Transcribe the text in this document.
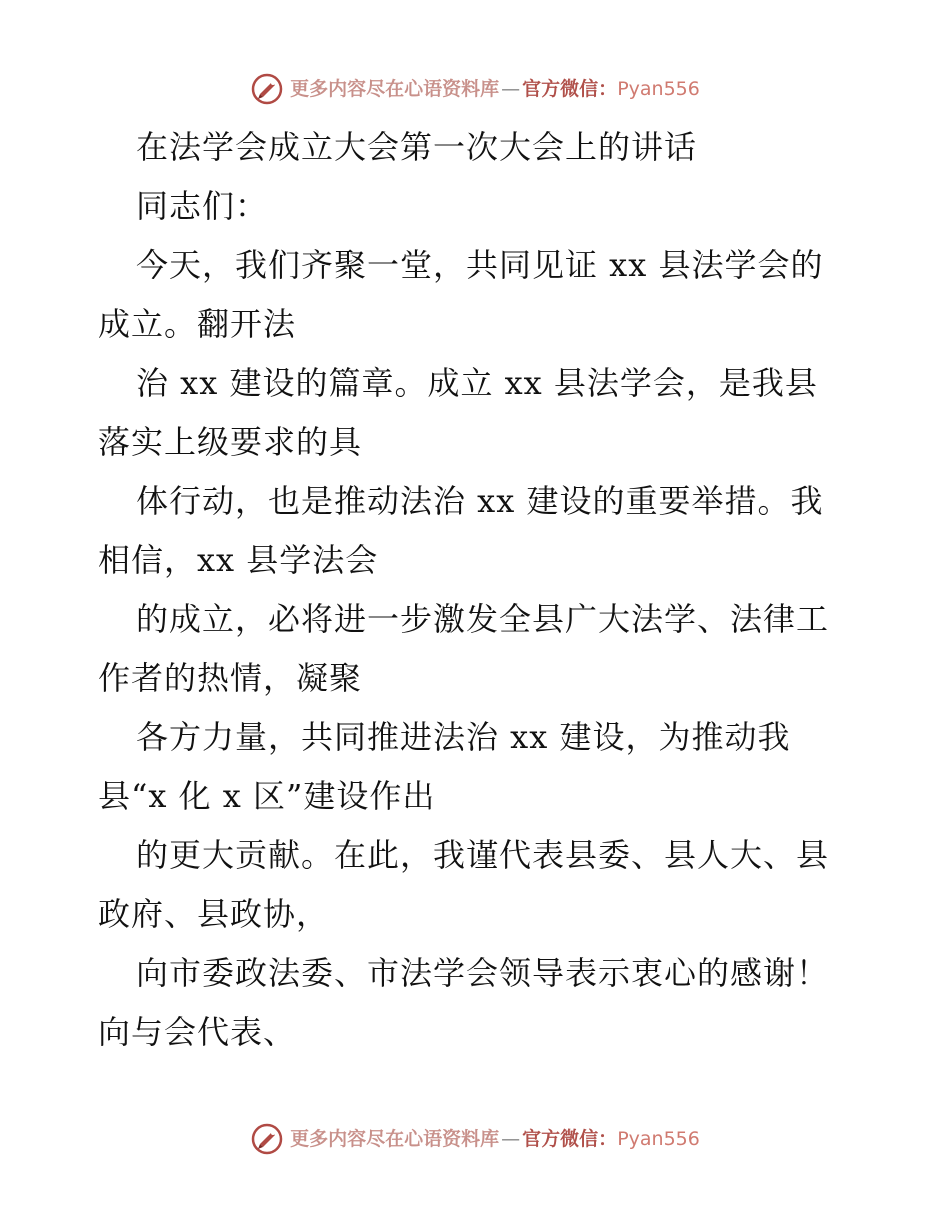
更多内容尽在心语资料库 — 官方微信： Pyan556
在法学会成立大会第一次大会上的讲话
同志们：
今天，我们齐聚一堂，共同见证 xx 县法学会的
成立。翻开法
治 xx 建设的篇章。成立 xx 县法学会，是我县
落实上级要求的具
体行动，也是推动法治 xx 建设的重要举措。我
相信，xx 县学法会
的成立，必将进一步激发全县广大法学、法律工
作者的热情，凝聚
各方力量，共同推进法治 xx 建设，为推动我
县“x 化 x 区”建设作出
的更大贡献。在此，我谨代表县委、县人大、县
政府、县政协，
向市委政法委、市法学会领导表示衷心的感谢！
向与会代表、
更多内容尽在心语资料库 — 官方微信： Pyan556
